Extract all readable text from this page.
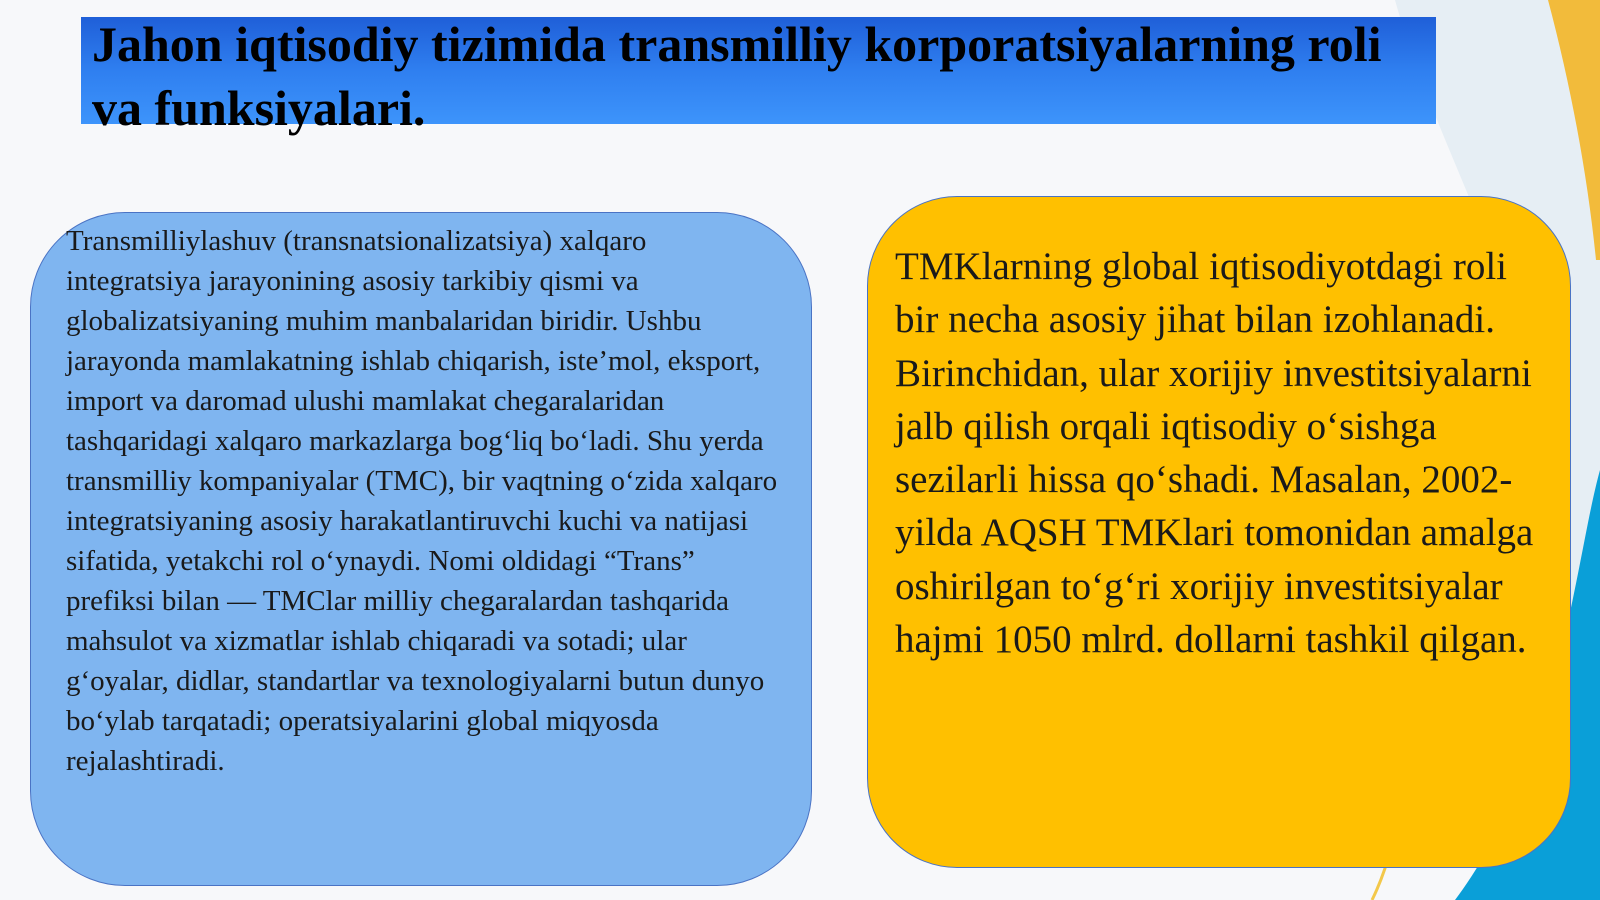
Jahon iqtisodiy tizimida transmilliy korporatsiyalarning roli
va funksiyalari.

Transmilliylashuv (transnatsionalizatsiya) xalqaro integratsiya jarayonining asosiy tarkibiy qismi va globalizatsiyaning muhim manbalaridan biridir. Ushbu jarayonda mamlakatning ishlab chiqarish, iste’mol, eksport, import va daromad ulushi mamlakat chegaralaridan tashqaridagi xalqaro markazlarga bog‘liq bo‘ladi. Shu yerda transmilliy kompaniyalar (TMC), bir vaqtning o‘zida xalqaro integratsiyaning asosiy harakatlantiruvchi kuchi va natijasi sifatida, yetakchi rol o‘ynaydi. Nomi oldidagi “Trans” prefiksi bilan — TMClar milliy chegaralardan tashqarida mahsulot va xizmatlar ishlab chiqaradi va sotadi; ular g‘oyalar, didlar, standartlar va texnologiyalarni butun dunyo bo‘ylab tarqatadi; operatsiyalarini global miqyosda rejalashtiradi.

TMKlarning global iqtisodiyotdagi roli bir necha asosiy jihat bilan izohlanadi. Birinchidan, ular xorijiy investitsiyalarni jalb qilish orqali iqtisodiy o‘sishga sezilarli hissa qo‘shadi. Masalan, 2002-yilda AQSH TMKlari tomonidan amalga oshirilgan to‘g‘ri xorijiy investitsiyalar hajmi 1050 mlrd. dollarni tashkil qilgan.
